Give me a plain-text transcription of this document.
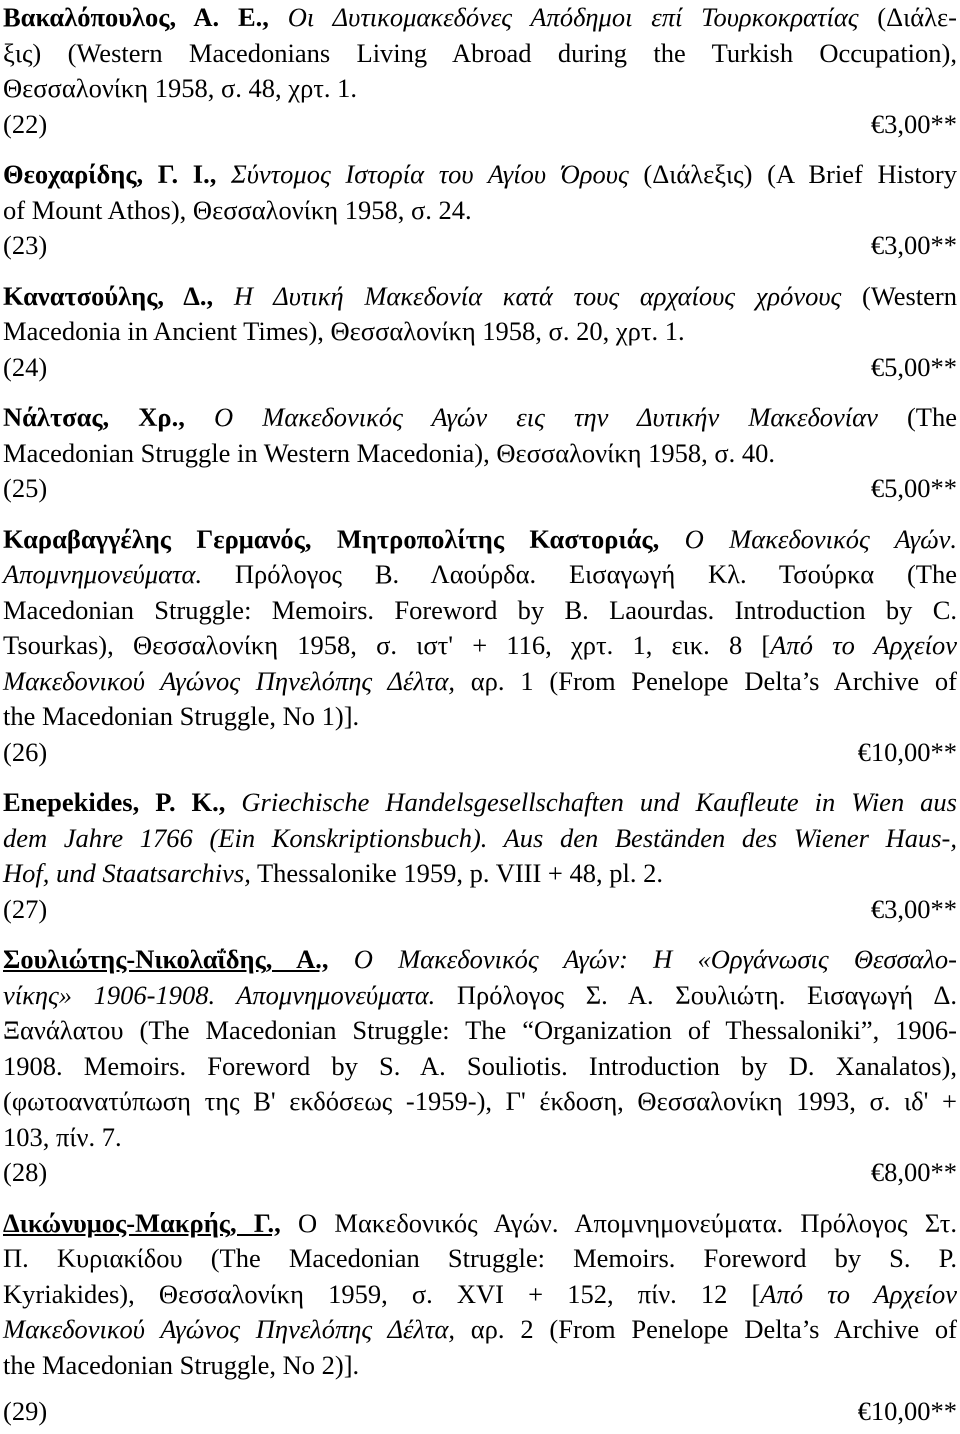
Βακαλόπουλος, Α. Ε., Οι Δυτικομακεδόνες Απόδημοι επί Τουρκοκρατίας (Διάλε-
ξις) (Western Macedonians Living Abroad during the Turkish Occupation),
Θεσσαλονίκη 1958, σ. 48, χρτ. 1.
(22)	€3,00**
Θεοχαρίδης, Γ. Ι., Σύντομος Ιστορία του Αγίου Όρους (Διάλεξις) (A Brief History
of Mount Athos), Θεσσαλονίκη 1958, σ. 24.
(23)	€3,00**
Κανατσούλης, Δ., Η Δυτική Μακεδονία κατά τους αρχαίους χρόνους (Western
Macedonia in Ancient Times), Θεσσαλονίκη 1958, σ. 20, χρτ. 1.
(24)	€5,00**
Νάλτσας, Χρ., Ο Μακεδονικός Αγών εις την Δυτικήν Μακεδονίαν (The
Macedonian Struggle in Western Macedonia), Θεσσαλονίκη 1958, σ. 40.
(25)	€5,00**
Καραβαγγέλης Γερμανός, Μητροπολίτης Καστοριάς, Ο Μακεδονικός Αγών.
Απομνημονεύματα. Πρόλογος Β. Λαούρδα. Εισαγωγή Κλ. Τσούρκα (The
Macedonian Struggle: Memoirs. Foreword by B. Laourdas. Introduction by C.
Tsourkas), Θεσσαλονίκη 1958, σ. ιστ' + 116, χρτ. 1, εικ. 8 [Από το Αρχείον
Μακεδονικού Αγώνος Πηνελόπης Δέλτα, αρ. 1 (From Penelope Delta’s Archive of
the Macedonian Struggle, No 1)].
(26)	€10,00**
Enepekides, P. K., Griechische Handelsgesellschaften und Kaufleute in Wien aus
dem Jahre 1766 (Ein Konskriptionsbuch). Aus den Beständen des Wiener Haus-,
Hof, und Staatsarchivs, Thessalonike 1959, p. VIII + 48, pl. 2.
(27)	€3,00**
Σουλιώτης-Νικολαΐδης, Α., Ο Μακεδονικός Αγών: Η «Οργάνωσις Θεσσαλο-
νίκης» 1906-1908. Απομνημονεύματα. Πρόλογος Σ. Α. Σουλιώτη. Εισαγωγή Δ.
Ξανάλατου (The Macedonian Struggle: The “Organization of Thessaloniki”, 1906-
1908. Memoirs. Foreword by S. A. Souliotis. Introduction by D. Xanalatos),
(φωτοανατύπωση της Β' εκδόσεως -1959-), Γ' έκδοση, Θεσσαλονίκη 1993, σ. ιδ' +
103, πίν. 7.
(28)	€8,00**
Δικώνυμος-Μακρής, Γ., Ο Μακεδονικός Αγών. Απομνημονεύματα. Πρόλογος Στ.
Π. Κυριακίδου (The Macedonian Struggle: Memoirs. Foreword by S. P.
Kyriakides), Θεσσαλονίκη 1959, σ. XVI + 152, πίν. 12 [Από το Αρχείον
Μακεδονικού Αγώνος Πηνελόπης Δέλτα, αρ. 2 (From Penelope Delta’s Archive of
the Macedonian Struggle, No 2)].
(29)	€10,00**
